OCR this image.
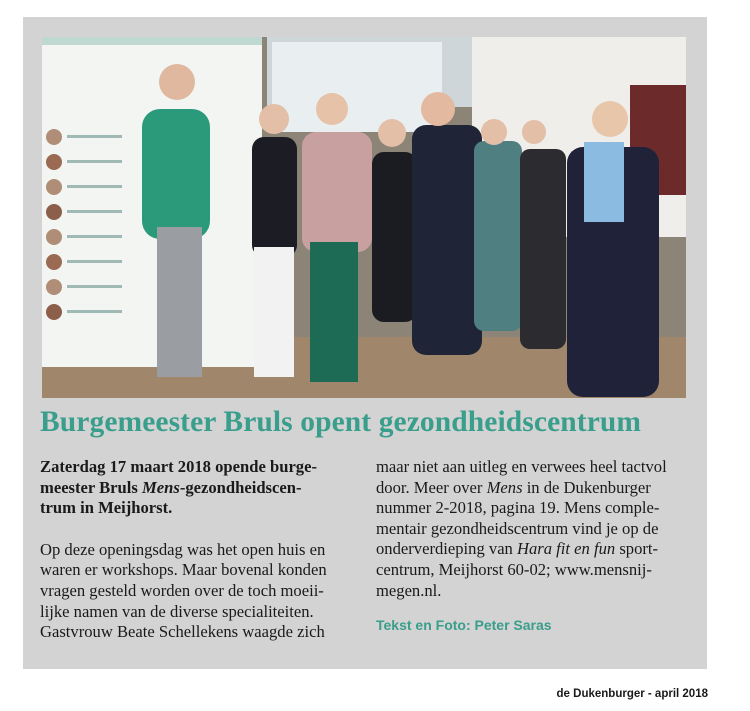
Burgemeester Bruls opent gezondheidscentrum

Zaterdag 17 maart 2018 opende burge-
meester Bruls Mens-gezondheidscen-
trum in Meijhorst.

Op deze openingsdag was het open huis en
waren er workshops. Maar bovenal konden
vragen gesteld worden over de toch moeii-
lijke namen van de diverse specialiteiten.
Gastvrouw Beate Schellekens waagde zich

maar niet aan uitleg en verwees heel tactvol
door. Meer over Mens in de Dukenburger
nummer 2-2018, pagina 19. Mens comple-
mentair gezondheidscentrum vind je op de
onderverdieping van Hara fit en fun sport-
centrum, Meijhorst 60-02; www.mensnij-
megen.nl.

Tekst en Foto: Peter Saras
de Dukenburger - april 2018
